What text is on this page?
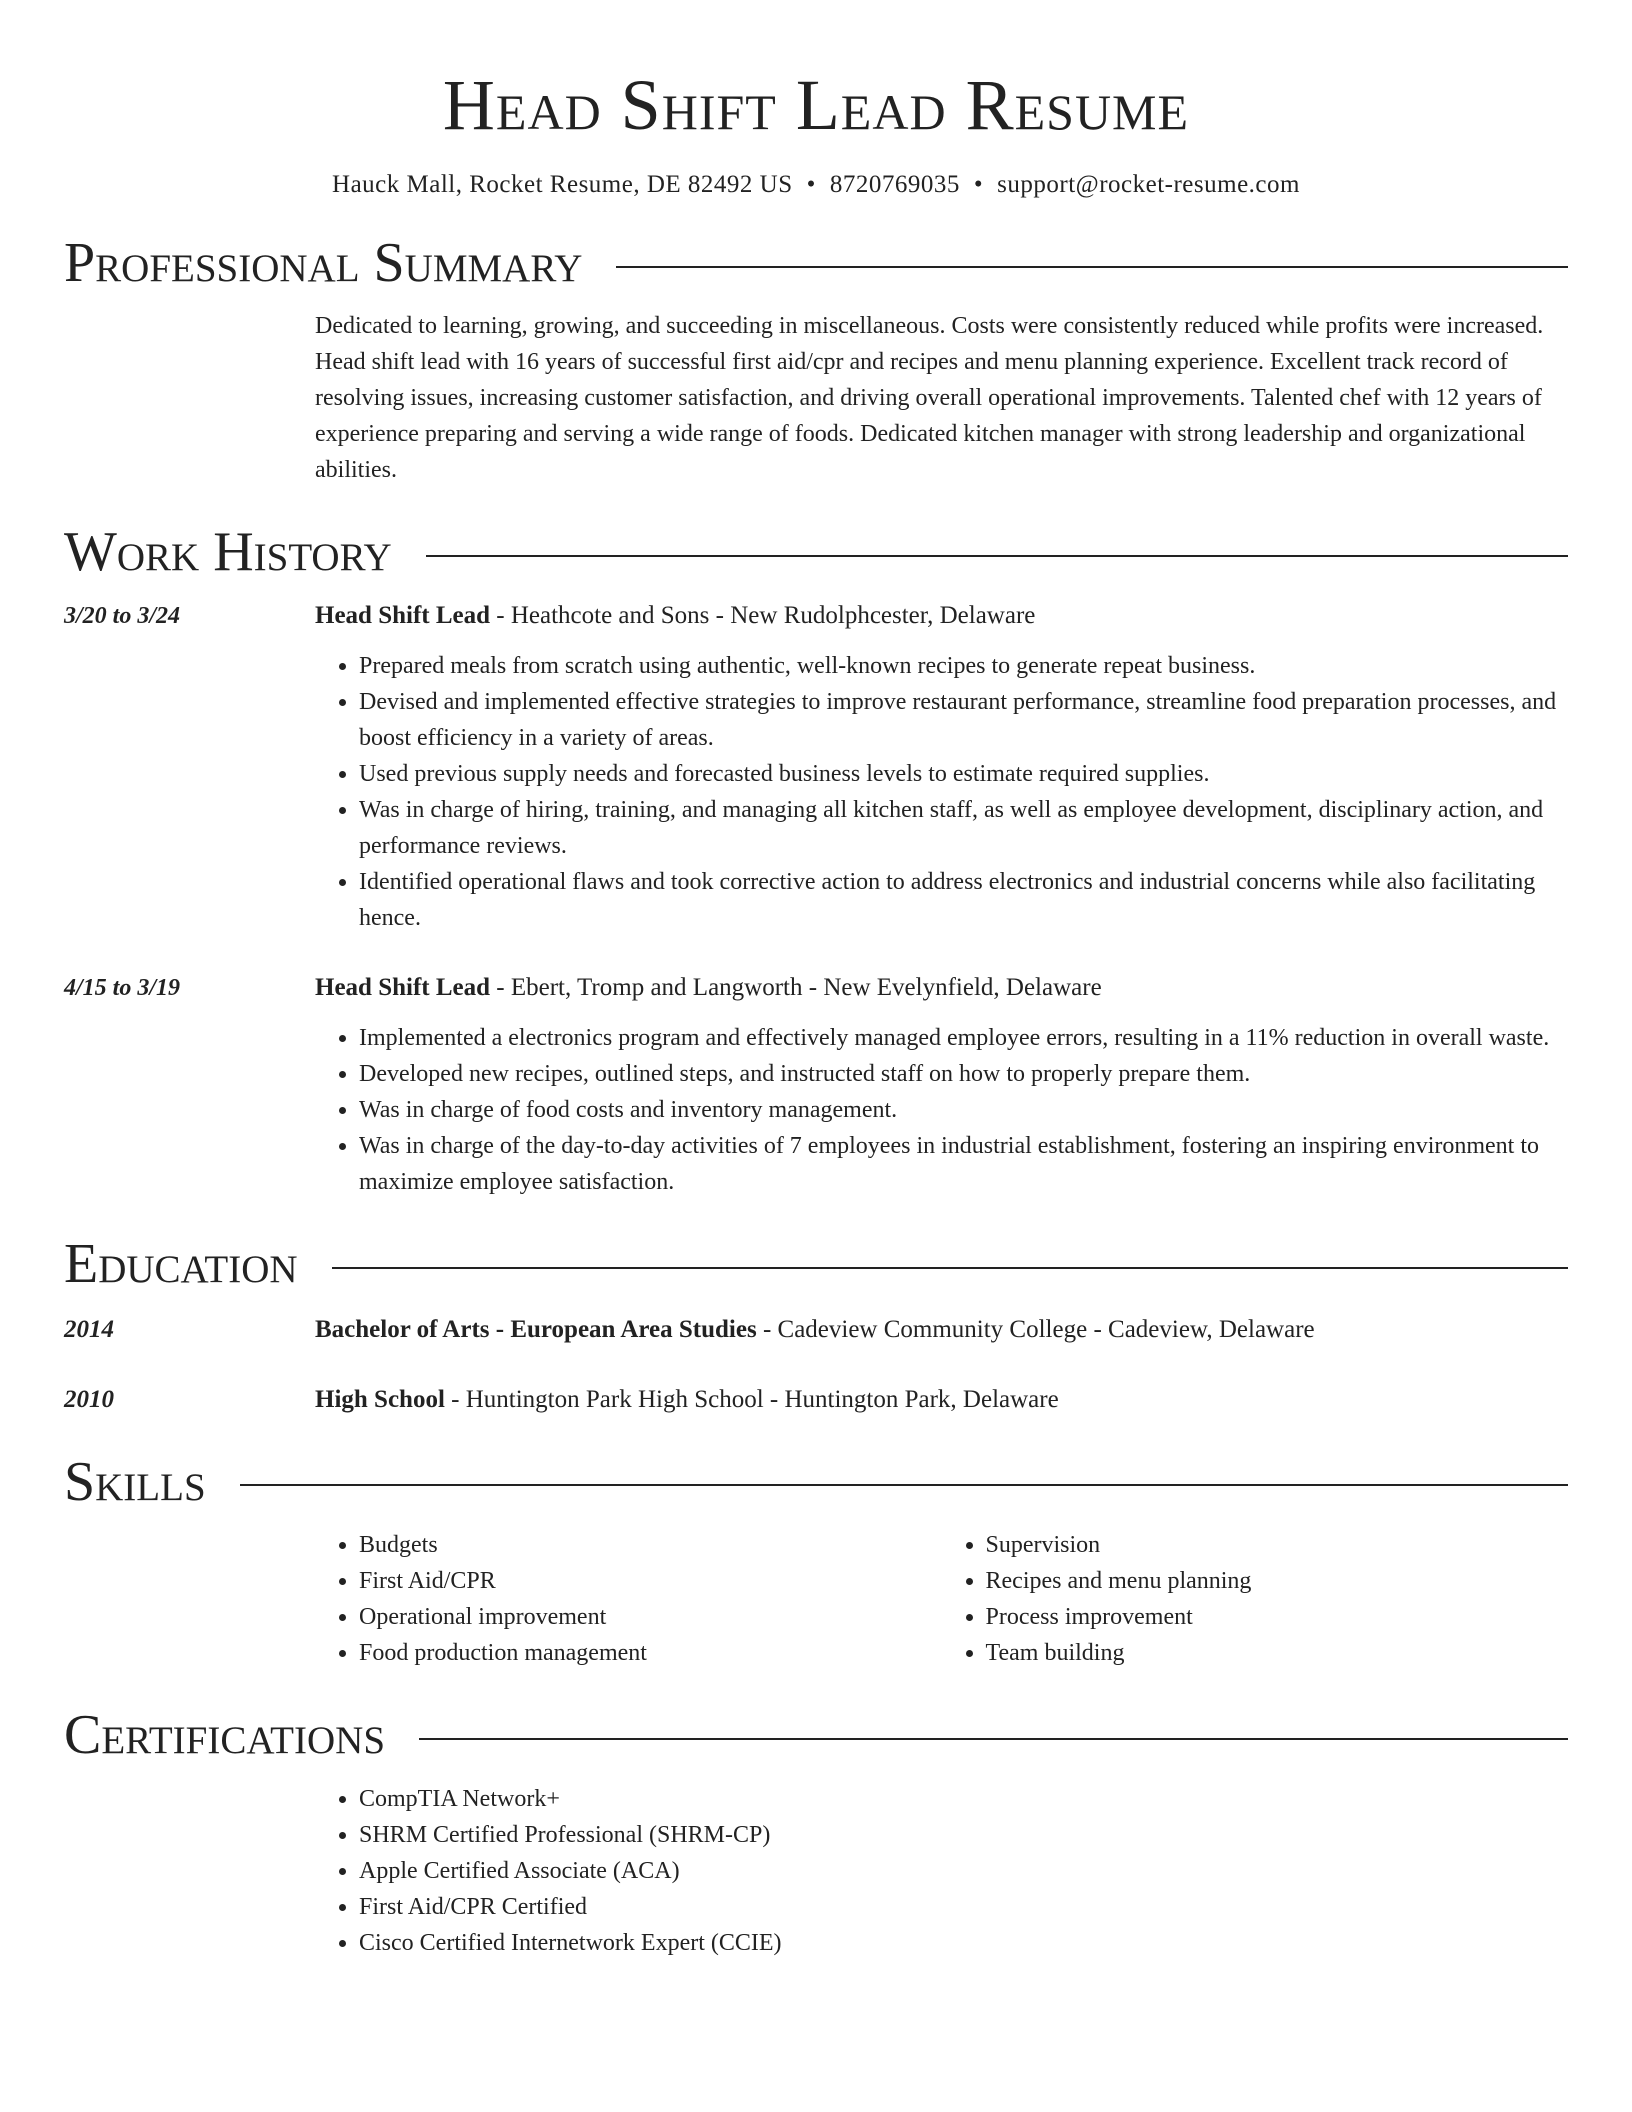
Head Shift Lead Resume
Hauck Mall, Rocket Resume, DE 82492 US • 8720769035 • support@rocket-resume.com
Professional Summary
Dedicated to learning, growing, and succeeding in miscellaneous. Costs were consistently reduced while profits were increased. Head shift lead with 16 years of successful first aid/cpr and recipes and menu planning experience. Excellent track record of resolving issues, increasing customer satisfaction, and driving overall operational improvements. Talented chef with 12 years of experience preparing and serving a wide range of foods. Dedicated kitchen manager with strong leadership and organizational abilities.
Work History
3/20 to 3/24	Head Shift Lead - Heathcote and Sons - New Rudolphcester, Delaware
• Prepared meals from scratch using authentic, well-known recipes to generate repeat business.
• Devised and implemented effective strategies to improve restaurant performance, streamline food preparation processes, and boost efficiency in a variety of areas.
• Used previous supply needs and forecasted business levels to estimate required supplies.
• Was in charge of hiring, training, and managing all kitchen staff, as well as employee development, disciplinary action, and performance reviews.
• Identified operational flaws and took corrective action to address electronics and industrial concerns while also facilitating hence.
4/15 to 3/19	Head Shift Lead - Ebert, Tromp and Langworth - New Evelynfield, Delaware
• Implemented a electronics program and effectively managed employee errors, resulting in a 11% reduction in overall waste.
• Developed new recipes, outlined steps, and instructed staff on how to properly prepare them.
• Was in charge of food costs and inventory management.
• Was in charge of the day-to-day activities of 7 employees in industrial establishment, fostering an inspiring environment to maximize employee satisfaction.
Education
2014	Bachelor of Arts - European Area Studies - Cadeview Community College - Cadeview, Delaware
2010	High School - Huntington Park High School - Huntington Park, Delaware
Skills
• Budgets
• First Aid/CPR
• Operational improvement
• Food production management
• Supervision
• Recipes and menu planning
• Process improvement
• Team building
Certifications
• CompTIA Network+
• SHRM Certified Professional (SHRM-CP)
• Apple Certified Associate (ACA)
• First Aid/CPR Certified
• Cisco Certified Internetwork Expert (CCIE)
